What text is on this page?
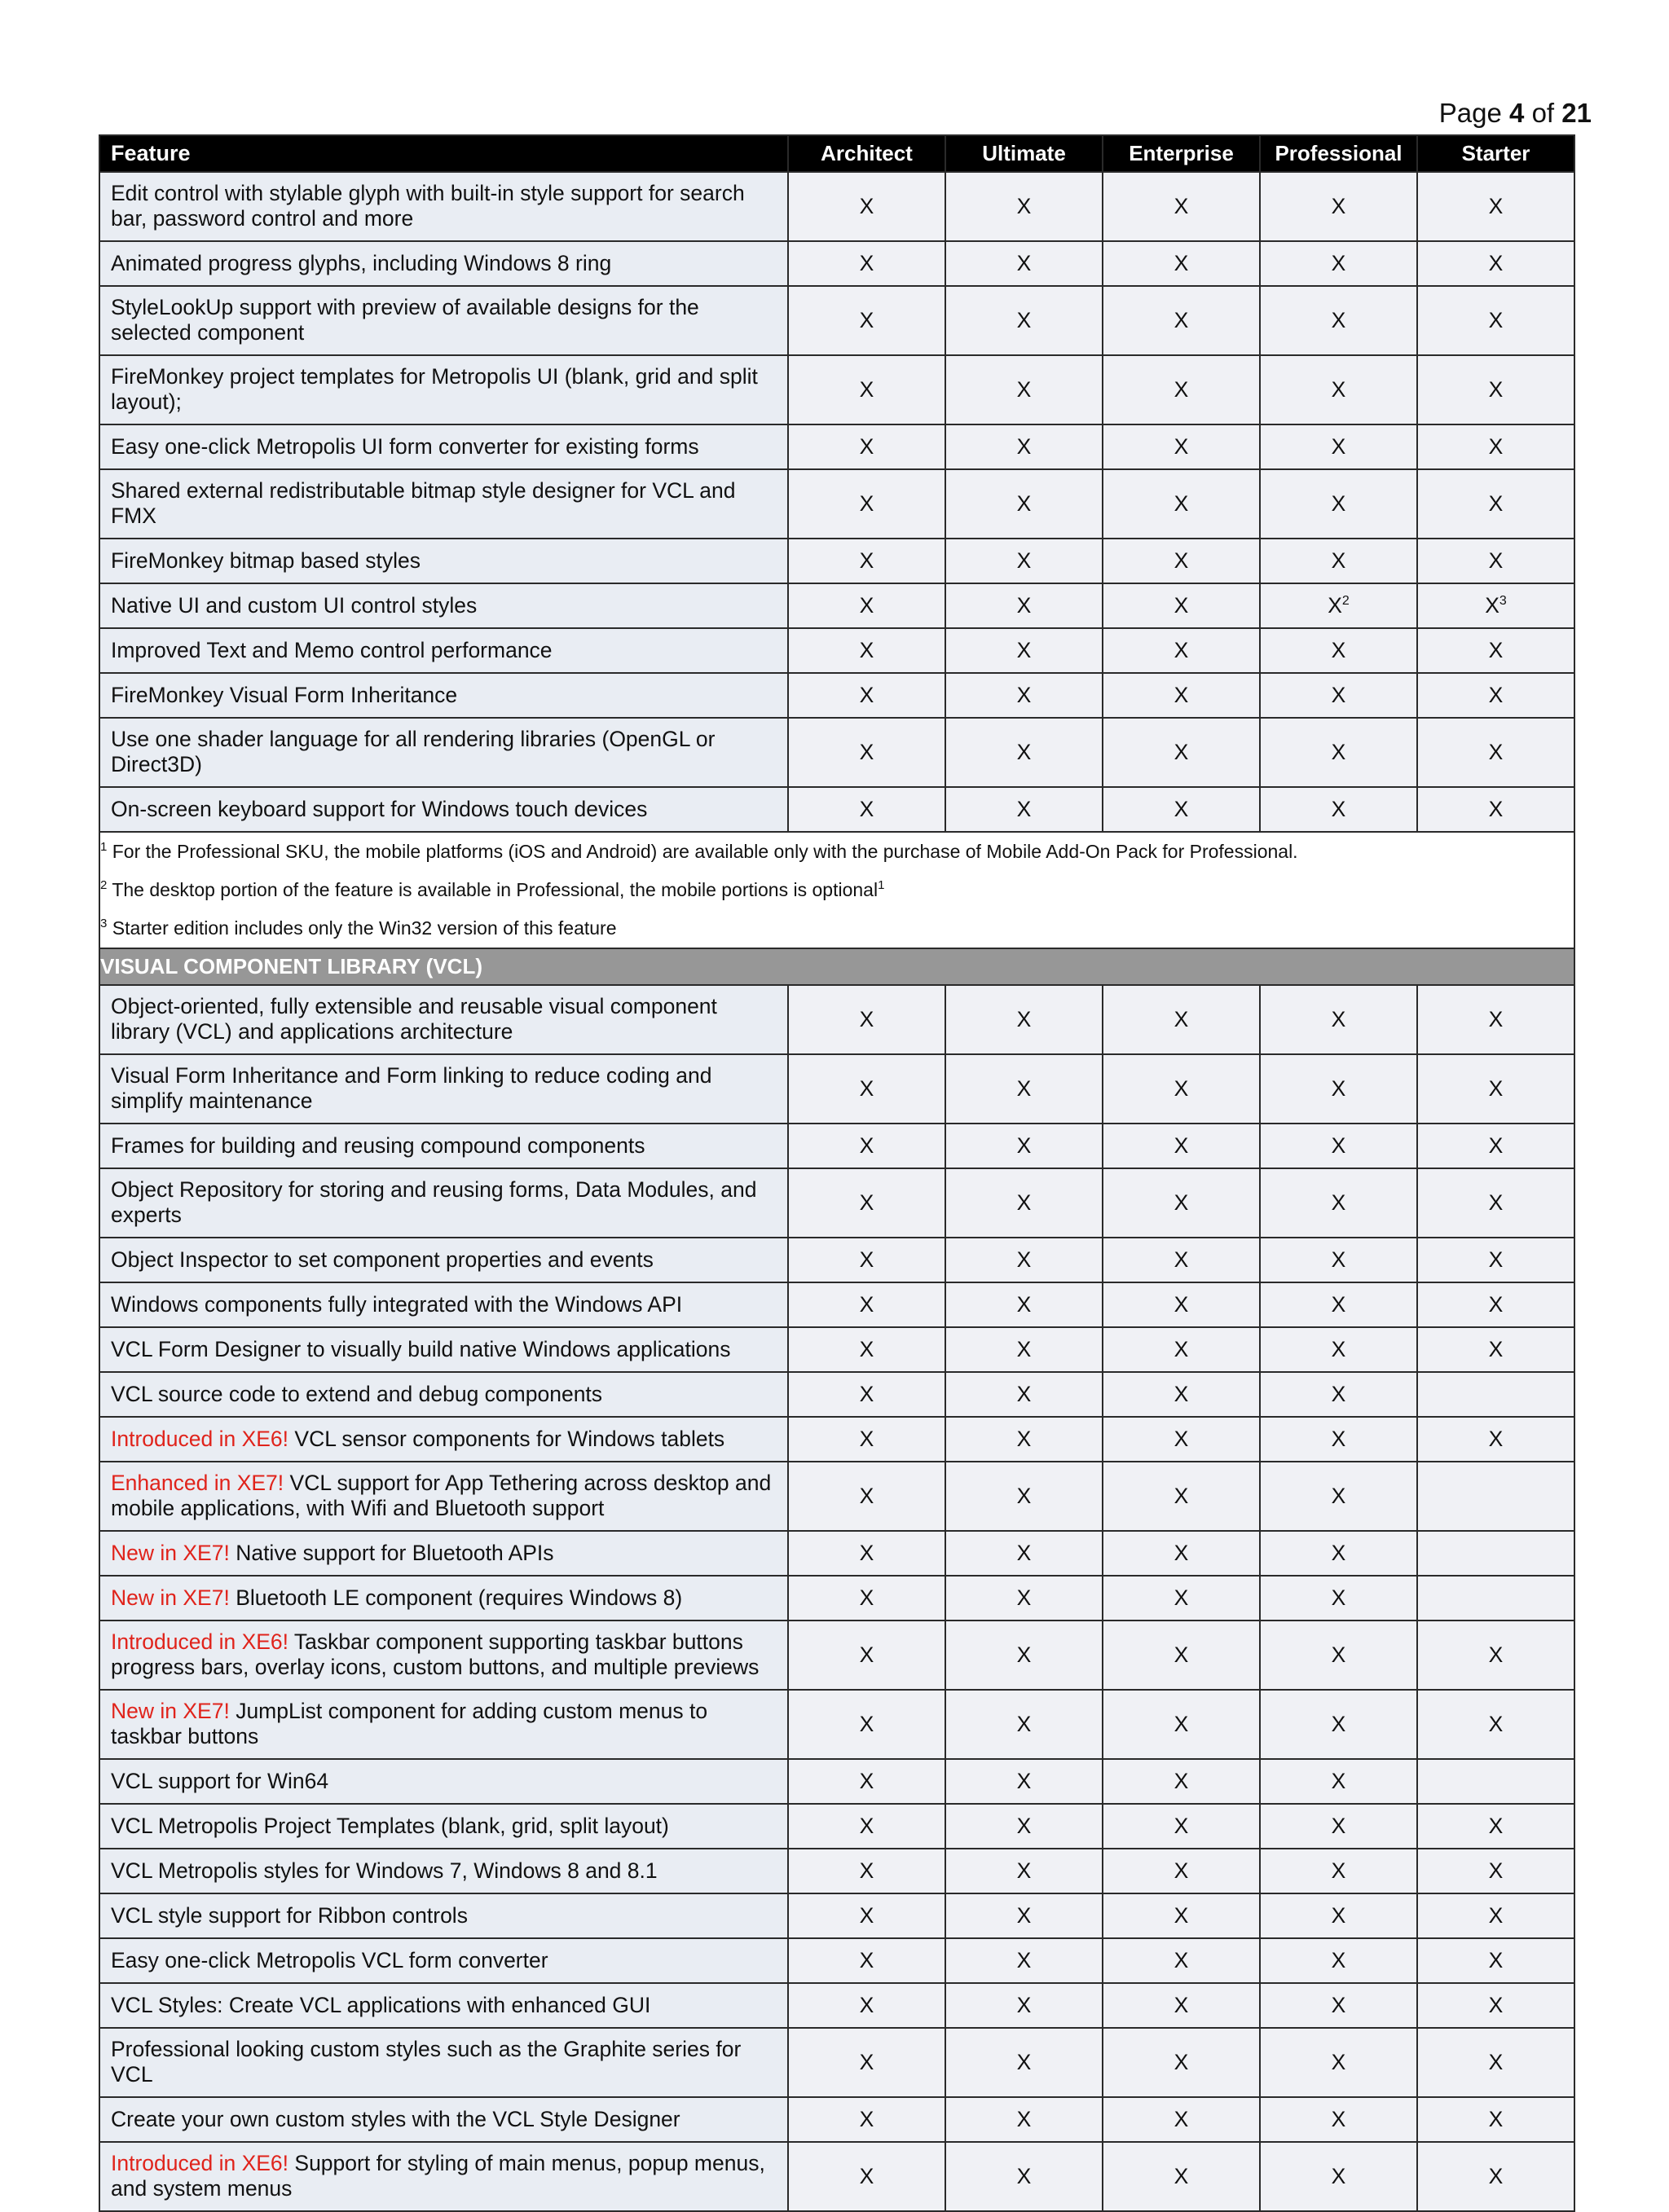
Page 4 of 21
Feature	Architect	Ultimate	Enterprise	Professional	Starter
Edit control with stylable glyph with built-in style support for search bar, password control and more	X	X	X	X	X
Animated progress glyphs, including Windows 8 ring	X	X	X	X	X
StyleLookUp support with preview of available designs for the selected component	X	X	X	X	X
FireMonkey project templates for Metropolis UI (blank, grid and split layout);	X	X	X	X	X
Easy one-click Metropolis UI form converter for existing forms	X	X	X	X	X
Shared external redistributable bitmap style designer for VCL and FMX	X	X	X	X	X
FireMonkey bitmap based styles	X	X	X	X	X
Native UI and custom UI control styles	X	X	X	$X^2$	$X^3$
Improved Text and Memo control performance	X	X	X	X	X
FireMonkey Visual Form Inheritance	X	X	X	X	X
Use one shader language for all rendering libraries (OpenGL or Direct3D)	X	X	X	X	X
On-screen keyboard support for Windows touch devices	X	X	X	X	X

$^1$ For the Professional SKU, the mobile platforms (iOS and Android) are available only with the purchase of Mobile Add-On Pack for Professional.
$^2$ The desktop portion of the feature is available in Professional, the mobile portions is optional$^1$
$^3$ Starter edition includes only the Win32 version of this feature					

VISUAL COMPONENT LIBRARY (VCL)					
Object-oriented, fully extensible and reusable visual component library (VCL) and applications architecture	X	X	X	X	X
Visual Form Inheritance and Form linking to reduce coding and simplify maintenance	X	X	X	X	X
Frames for building and reusing compound components	X	X	X	X	X
Object Repository for storing and reusing forms, Data Modules, and experts	X	X	X	X	X
Object Inspector to set component properties and events	X	X	X	X	X
Windows components fully integrated with the Windows API	X	X	X	X	X
VCL Form Designer to visually build native Windows applications	X	X	X	X	X
VCL source code to extend and debug components	X	X	X	X	
Introduced in XE6! VCL sensor components for Windows tablets	X	X	X	X	X
Enhanced in XE7! VCL support for App Tethering across desktop and mobile applications, with Wifi and Bluetooth support	X	X	X	X	
New in XE7! Native support for Bluetooth APIs	X	X	X	X	
New in XE7! Bluetooth LE component (requires Windows 8)	X	X	X	X	
Introduced in XE6! Taskbar component supporting taskbar buttons progress bars, overlay icons, custom buttons, and multiple previews	X	X	X	X	X
New in XE7! JumpList component for adding custom menus to taskbar buttons	X	X	X	X	X
VCL support for Win64	X	X	X	X	
VCL Metropolis Project Templates (blank, grid, split layout)	X	X	X	X	X
VCL Metropolis styles for Windows 7, Windows 8 and 8.1	X	X	X	X	X
VCL style support for Ribbon controls	X	X	X	X	X
Easy one-click Metropolis VCL form converter	X	X	X	X	X
VCL Styles: Create VCL applications with enhanced GUI	X	X	X	X	X
Professional looking custom styles such as the Graphite series for VCL	X	X	X	X	X
Create your own custom styles with the VCL Style Designer	X	X	X	X	X
Introduced in XE6! Support for styling of main menus, popup menus, and system menus	X	X	X	X	X
